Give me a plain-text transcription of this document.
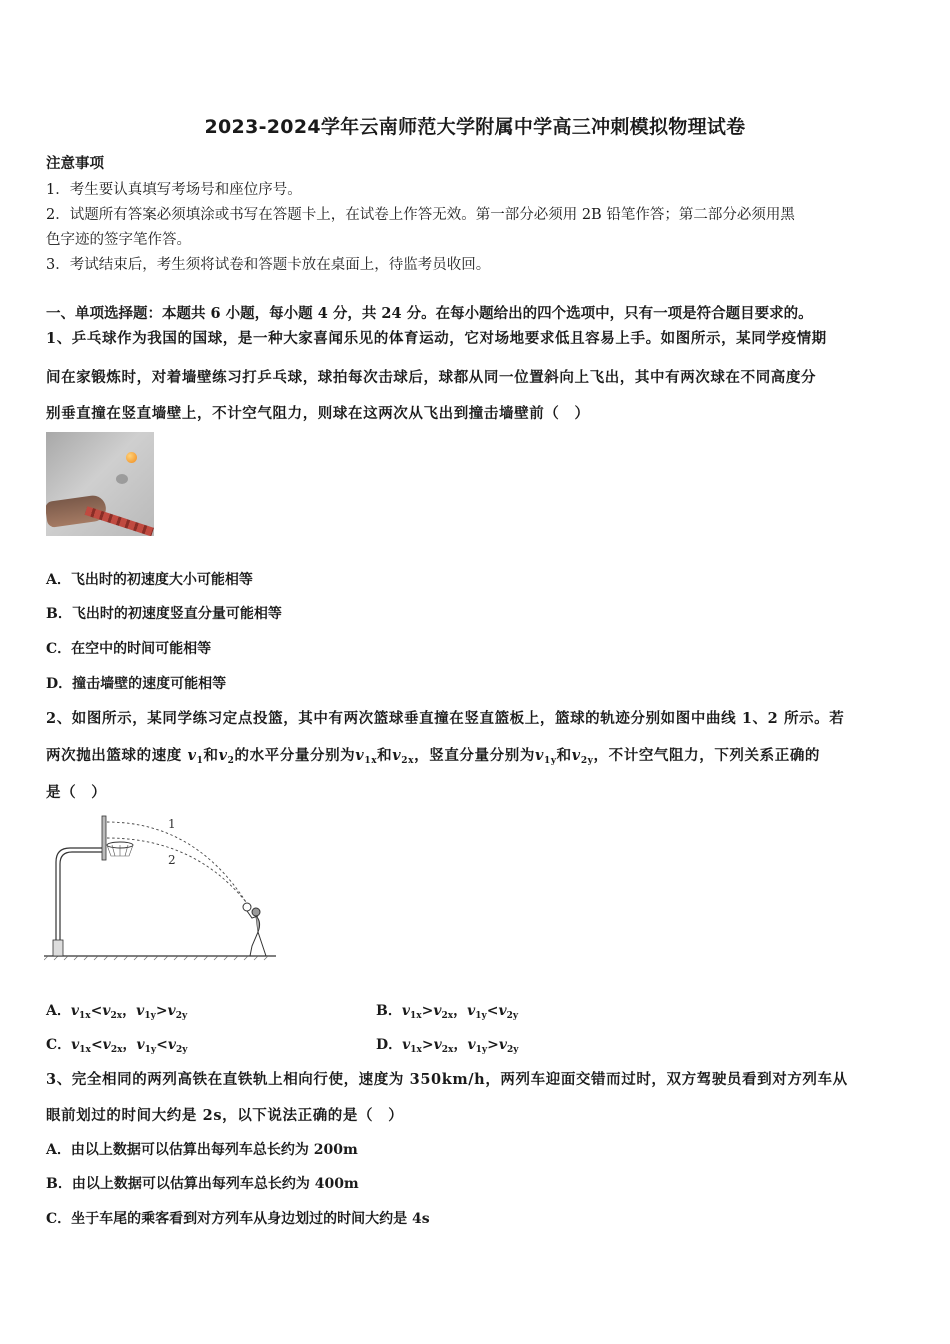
2023-2024学年云南师范大学附属中学高三冲刺模拟物理试卷
注意事项
1．考生要认真填写考场号和座位序号。
2．试题所有答案必须填涂或书写在答题卡上，在试卷上作答无效。第一部分必须用 2B 铅笔作答；第二部分必须用黑
色字迹的签字笔作答。
3．考试结束后，考生须将试卷和答题卡放在桌面上，待监考员收回。
一、单项选择题：本题共 6 小题，每小题 4 分，共 24 分。在每小题给出的四个选项中，只有一项是符合题目要求的。
1、乒乓球作为我国的国球，是一种大家喜闻乐见的体育运动，它对场地要求低且容易上手。如图所示，某同学疫情期
间在家锻炼时，对着墙壁练习打乒乓球，球拍每次击球后，球都从同一位置斜向上飞出，其中有两次球在不同高度分
别垂直撞在竖直墙壁上，不计空气阻力，则球在这两次从飞出到撞击墙壁前（　）
A．飞出时的初速度大小可能相等
B．飞出时的初速度竖直分量可能相等
C．在空中的时间可能相等
D．撞击墙壁的速度可能相等
2、如图所示，某同学练习定点投篮，其中有两次篮球垂直撞在竖直篮板上，篮球的轨迹分别如图中曲线 1、2 所示。若
两次抛出篮球的速度 $v_1$和$v_2$的水平分量分别为$v_{1x}$和$v_{2x}$，竖直分量分别为$v_{1y}$和$v_{2y}$，不计空气阻力，下列关系正确的
是（　）
1
2
A．$v_{1x}<v_{2x}$，$v_{1y}>v_{2y}$	B．$v_{1x}>v_{2x}$，$v_{1y}<v_{2y}$
C．$v_{1x}<v_{2x}$，$v_{1y}<v_{2y}$	D．$v_{1x}>v_{2x}$，$v_{1y}>v_{2y}$
3、完全相同的两列高铁在直铁轨上相向行使，速度为 350km/h，两列车迎面交错而过时，双方驾驶员看到对方列车从
眼前划过的时间大约是 2s，以下说法正确的是（　）
A．由以上数据可以估算出每列车总长约为 200m
B．由以上数据可以估算出每列车总长约为 400m
C．坐于车尾的乘客看到对方列车从身边划过的时间大约是 4s
